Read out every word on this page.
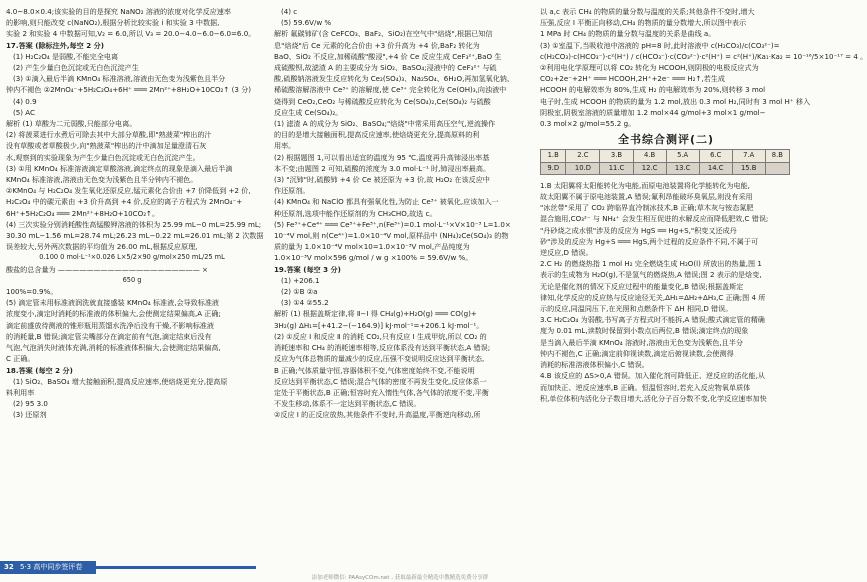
4.0~8.0×0.4;该实验的目的是探究 NaNO₂ 溶液的浓度对化学反应速率
的影响,则只能改变 c(NaNO₂),根据分析比较实验 i 和实验 3 中数据,
实验 2 和实验 4 中数据可知,V₂ = 6.0,所以 V₃ = 20.0−4.0−6.0−6.0=6.0。
17.答案 (除标注外,每空 2 分)
(1) H₂C₂O₄ 是弱酸,不能完全电离
(2) 产生少量白色沉淀或无白色沉淀产生
(3) ①滴入最后半滴 KMnO₄ 标准溶液,溶液由无色变为浅紫色且半分
钟内不褪色 ②2MnO₄⁻+5H₂C₂O₄+6H⁺ ═══ 2Mn²⁺+8H₂O+10CO₂↑ (3 分)
(4) 0.9
(5) AC
解析 (1) 草酸为二元弱酸,只能部分电离。
(2) 将菠菜进行水煮后可除去其中大部分草酸,即"熟菠菜"榨出的汁
没有草酸或者草酸极少,向"熟菠菜"榨出的汁中滴加足量澄清石灰
水,观察到的实验现象为产生少量白色沉淀或无白色沉淀产生。
(3) ①用 KMnO₄ 标准溶液滴定草酸溶液,滴定终点的现象是滴入最后半滴
KMnO₄ 标准溶液,溶液由无色变为浅紫色且半分钟内不褪色。
②KMnO₄ 与 H₂C₂O₄ 发生氧化还原反应,锰元素化合价由 +7 价降低到 +2 价,
H₂C₂O₄ 中的碳元素由 +3 价升高到 +4 价,反应的离子方程式为 2MnO₄⁻+
6H⁺+5H₂C₂O₄ ═══ 2Mn²⁺+8H₂O+10CO₂↑。
(4) 三次实验分别消耗酸性高锰酸钾溶液的体积为 25.99 mL−0 mL=25.99 mL;
30.30 mL−1.56 mL=28.74 mL;26.23 mL−0.22 mL=26.01 mL;第 2 次数据
误差较大,另外两次数据的平均值为 26.00 mL,根据反应原理,
0.100 0 mol·L⁻¹×0.026 L×5/2×90 g/mol×250 mL/25 mL
酸盐的总含量为 ———————————————————— ×
650 g
100%=0.9%。
(5) 滴定管未用标准液润洗就直接盛装 KMnO₄ 标准液,会导致标准液
浓度变小,滴定时消耗的标准液的体积偏大,会使测定结果偏高,A 正确;
滴定前盛放待测液的锥形瓶用蒸馏水洗净后没有干燥,不影响标准液
的消耗量,B 错误;滴定管尖嘴部分在滴定前有气泡,滴定结束后没有
气泡,气泡消失时液体充满,消耗的标准液体积偏大,会使测定结果偏高,
C 正确。
18.答案 (每空 2 分)
(1) SiO₂、BaSO₄ 增大接触面积,提高反应速率,使焙烧更充分,提高原
料利用率
(2) 95 3.0
(3) 还原剂
(4) c
(5) 59.6V/w %
解析 氟碳铈矿(含 CeFCO₃、BaF₂、SiO₂)在空气中"焙烧",根据已知信
息"焙烧"后 Ce 元素的化合价由 +3 价升高为 +4 价,BaF₂ 转化为
BaO、SiO₂ 不反应,加稀硫酸"酸浸",+4 价 Ce 反应生成 CeF₃²⁺,BaO 生
成硫酸钡,故滤渣 A 的主要成分为 SiO₂、BaSO₄;浸液中的 CeF₃²⁺ 与硫
酸,硫酸钠溶液发生反应转化为 Ce₂(SO₄)₃、Na₂SO₄、6H₂O,再加氢氧化钠、
稀硫酸溶解溶液中 Ce³⁺ 的溶解度,使 Ce³⁺ 完全转化为 Ce(OH)₃,向浊液中
烧得到 CeO₂,CeO₂ 与稀硫酸反应转化为 Ce(SO₄)₂,Ce(SO₄)₂ 与硫酸
反应生成 Ce(SO₄)₂。
(1) 滤渣 A 的成分为 SiO₂、BaSO₄;"焙烧"中常采用高压空气,逆流操作
的目的是增大接触面积,提高反应速率,使焙烧更充分,提高原料的利
用率。
(2) 根据题图 1,可以看出适宜的温度为 95 ℃,温度再升高铈浸出率基
本不变;由题图 2 可知,硫酸的浓度为 3.0 mol·L⁻¹ 时,铈浸出率最高。
(3) "沉铈"时,硫酸铈 +4 价 Ce 被还原为 +3 价,故 H₂O₂ 在该反应中
作还原剂。
(4) KMnO₄ 和 NaClO 都具有强氧化性,为防止 Ce³⁺ 被氧化,应该加入一
种还原剂,选项中能作还原剂的为 CH₃CHO,故选 c。
(5) Fe³⁺+Ce⁴⁺ ═══ Ce³⁺+Fe³⁺,n(Fe³⁺)=0.1 mol·L⁻¹×V×10⁻³ L=1.0×
10⁻⁴V mol,则 n(Ce⁴⁺)=1.0×10⁻⁴V mol,原样品中 (NH₄)₂Ce(SO₄)₃ 的物
质的量为 1.0×10⁻⁴V mol×10=1.0×10⁻³V mol,产品纯度为
1.0×10⁻³V mol×596 g/mol / w g ×100% = 59.6V/w %。
19.答案 (每空 3 分)
(1) +206.1
(2) ①B ②a
(3) ①4 ②55.2
解析 (1) 根据盖斯定律,将 Ⅱ−Ⅰ 得 CH₄(g)+H₂O(g) ═══ CO(g)+
3H₂(g) ΔH₁=[+41.2−(−164.9)] kJ·mol⁻¹=+206.1 kJ·mol⁻¹。
(2) ①反应 Ⅰ 和反应 Ⅱ 的消耗 CO₂,只有反应 Ⅰ 生成甲烷,所以 CO₂ 的
消耗速率和 CH₄ 的消耗速率相等,反应体系没有达到平衡状态,A 错误;
反应为气体总物质的量减少的反应,压强不变说明反应达到平衡状态,
B 正确;气体质量守恒,容器体积不变,气体密度始终不变,不能说明
反应达到平衡状态,C 错误;混合气体的密度不再发生变化,反应体系一
定处于平衡状态,B 正确;恒容时充入惰性气体,各气体的浓度不变,平衡
不发生移动,体系不一定达到平衡状态,C 错误。
②反应 Ⅰ 的正反应放热,其他条件不变时,升高温度,平衡逆向移动,所
以 a,c 表示 CH₄ 的物质的量分数与温度的关系;其他条件不变时,增大
压强,反应 Ⅰ 平衡正向移动,CH₄ 的物质的量分数增大,所以图中表示
1 MPa 时 CH₄ 的物质的量分数与温度的关系是曲线 a。
(3) ①室温下,当吸收池中溶液的 pH=8 时,此时溶液中 c(H₂CO₃)/c(CO₃²⁻)=
c(H₂CO₃)·c(HCO₃⁻)·c²(H⁺) / c(HCO₃⁻)·c(CO₃²⁻)·c²(H⁺) = c²(H⁺)/Ka₁·Ka₂ = 10⁻¹⁶/5×10⁻¹⁷ = 4 。
②利用电化学原理可以将 CO₂ 转化为 HCOOH,则阴极的电极反应式为
CO₂+2e⁻+2H⁺ ═══ HCOOH,2H⁺+2e⁻ ═══ H₂↑,若生成
HCOOH 的电解效率为 80%,生成 H₂ 的电解效率为 20%,则转移 3 mol
电子时,生成 HCOOH 的物质的量为 1.2 mol,放出 0.3 mol H₂,同时有 3 mol H⁺ 移入
阴极室,阴极室溶液的质量增加 1.2 mol×44 g/mol+3 mol×1 g/mol−
0.3 mol×2 g/mol=55.2 g。
全书综合测评(二)
1.B	2.C	3.B	4.B	5.A	6.C	7.A	8.B
9.D	10.D	11.C	12.C	13.C	14.C	15.B	
1.B 太阳翼将太阳能转化为电能,而原电池装置将化学能转化为电能,
故太阳翼不属于原电池装置,A 错误;氟利昂能破坏臭氧层,则没有采用
"冰丝带"采用了 CO₂ 跨临界直冷制冰技术,B 正确;草木灰与铵态氮肥
混合施用,CO₃²⁻ 与 NH₄⁺ 会发生相互促进的水解反应而降低肥效,C 错误;
"丹砂烧之成水银"涉及的反应为 HgS ══ Hg+S,"积变又还成丹
砂"涉及的反应为 Hg+S ═══ HgS,两个过程的反应条件不同,不属于可
逆反应,D 错误。
2.C H₂ 的燃烧热指 1 mol H₂ 完全燃烧生成 H₂O(l) 所放出的热量,图 1
表示的生成物为 H₂O(g),不是氢气的燃烧热,A 错误;图 2 表示的是焓变,
无论是催化剂的情况下反应过程中的能量变化,B 错误;根据盖斯定
律知,化学反应的反应热与反应途径无关,ΔH₁=ΔH₂+ΔH₃,C 正确;图 4 所
示的反应,同温同压下,在光照和点燃条件下 ΔH 相同,D 错误。
3.C H₂C₂O₄ 为弱酸,书写离子方程式时不能拆,A 错误;酸式滴定管的精确
度为 0.01 mL,读数时保留到小数点后两位,B 错误;滴定终点的现象
是当滴入最后半滴 KMnO₄ 溶液时,溶液由无色变为浅紫色,且半分
钟内不褪色,C 正确;滴定前仰视读数,滴定后俯视读数,会使测得
消耗的标准溶液体积偏小,C 错误。
4.B 该反应的 ΔS>0,A 错误。加入催化剂可降低正、逆反应的活化能,从
而加快正、逆反应速率,B 正确。恒温恒容时,若充入反应物氧单质体
积,单位体积内活化分子数目增大,活化分子百分数不变,化学反应速率加快
32 5·3 高中同步签评卷
添加老师微信: PAAsyCOm.net , 获取最新最全精选中教精选免费分享群
